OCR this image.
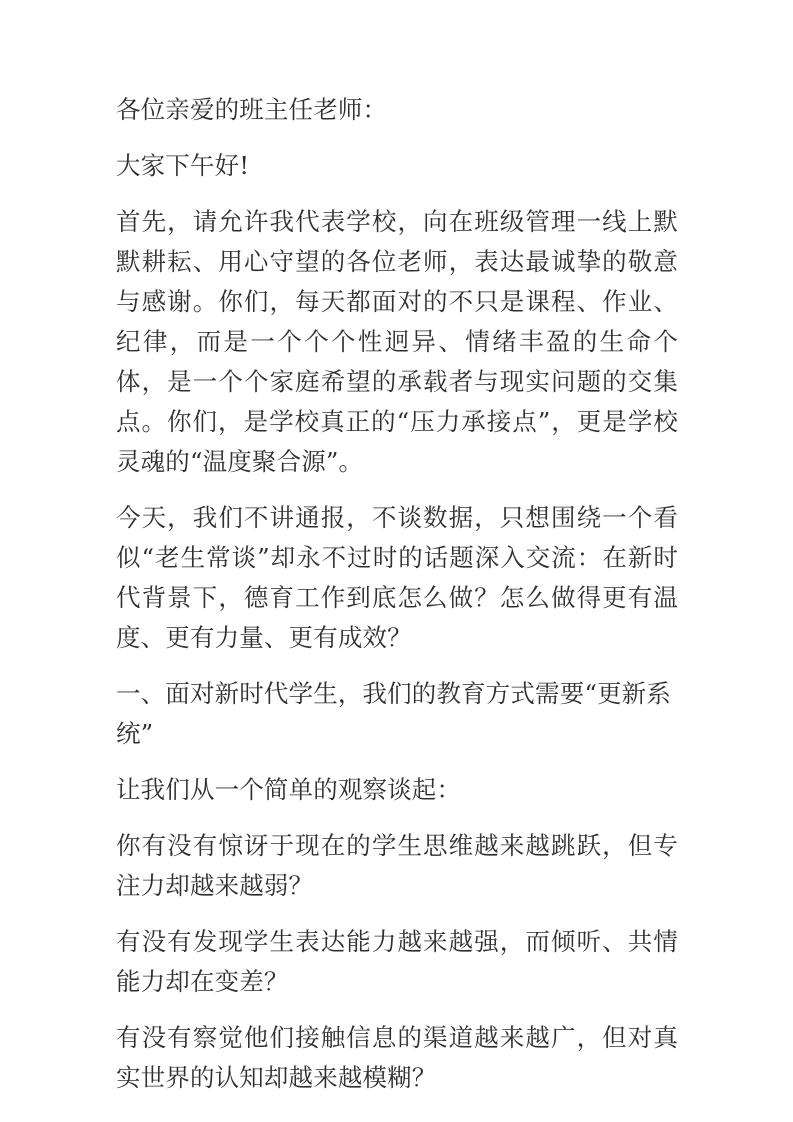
各位亲爱的班主任老师：

大家下午好!

首先，请允许我代表学校，向在班级管理一线上默默耕耘、用心守望的各位老师，表达最诚挚的敬意与感谢。你们，每天都面对的不只是课程、作业、纪律，而是一个个个性迥异、情绪丰盈的生命个体，是一个个家庭希望的承载者与现实问题的交集点。你们，是学校真正的“压力承接点”，更是学校灵魂的“温度聚合源”。

今天，我们不讲通报，不谈数据，只想围绕一个看似“老生常谈”却永不过时的话题深入交流：在新时代背景下，德育工作到底怎么做？怎么做得更有温度、更有力量、更有成效？

一、面对新时代学生，我们的教育方式需要“更新系统”

让我们从一个简单的观察谈起：

你有没有惊讶于现在的学生思维越来越跳跃，但专注力却越来越弱？

有没有发现学生表达能力越来越强，而倾听、共情能力却在变差？

有没有察觉他们接触信息的渠道越来越广，但对真实世界的认知却越来越模糊？
